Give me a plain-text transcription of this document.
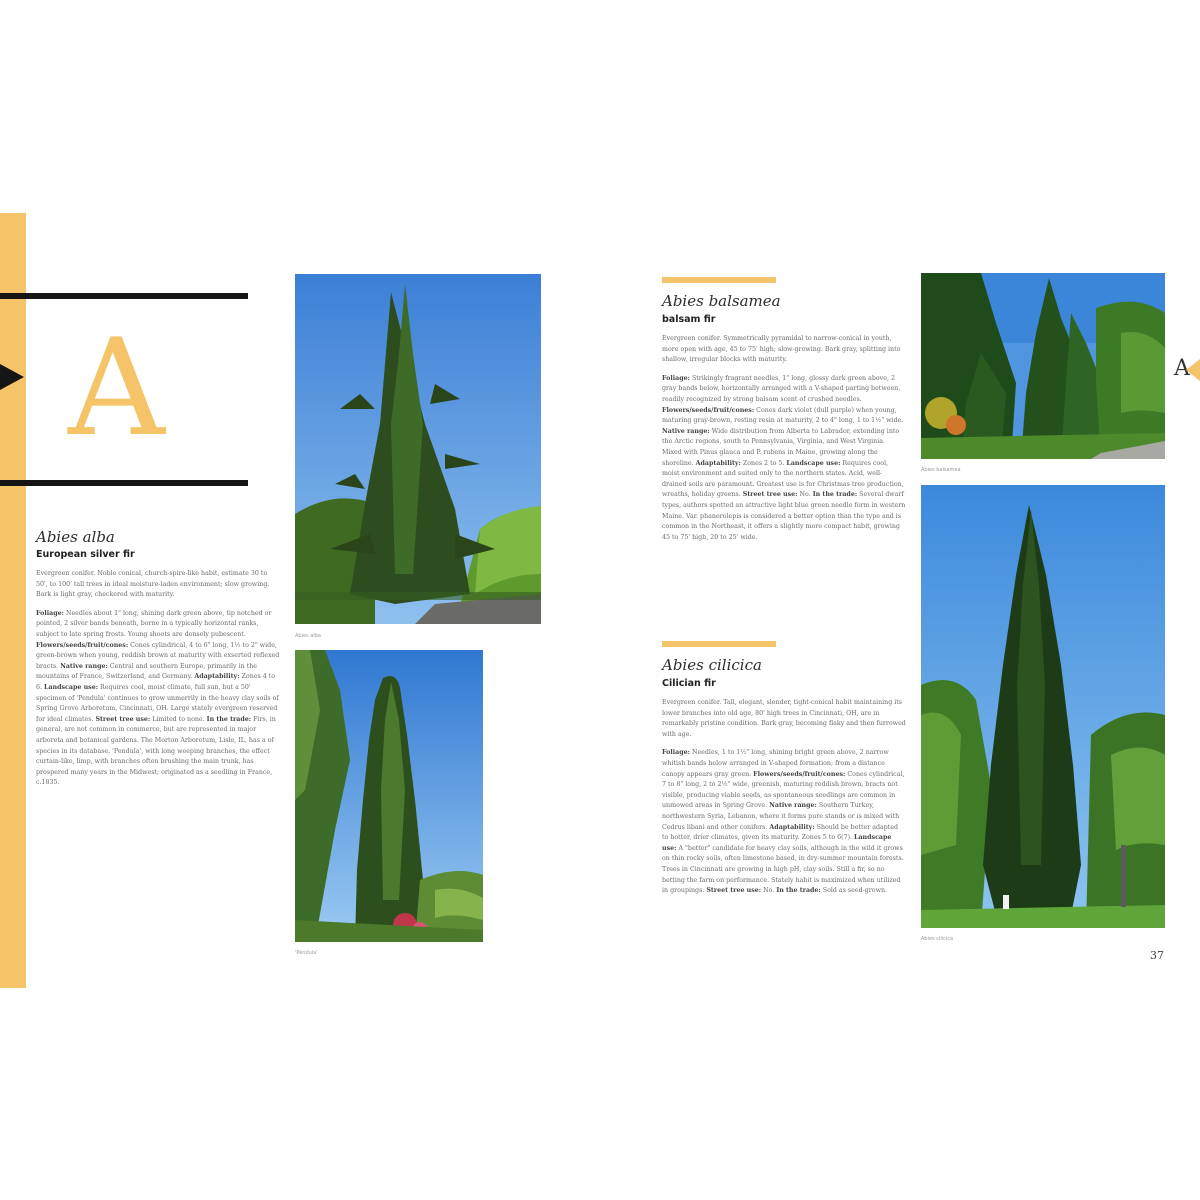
A
Abies alba
European silver fir

Evergreen conifer. Noble conical, church-spire-like habit, estimate 30 to 50', to 100' tall trees in ideal moisture-laden environment; slow growing. Bark is light gray, checkered with maturity.

Foliage: Needles about 1" long, shining dark green above, tip notched or pointed, 2 silver bands beneath, borne in a typically horizontal ranks, subject to late spring frosts. Young shoots are densely pubescent. Flowers/seeds/fruit/cones: Cones cylindrical, 4 to 6" long, 1½ to 2" wide, green-brown when young, reddish brown at maturity with exserted reflexed bracts. Native range: Central and southern Europe, primarily in the mountains of France, Switzerland, and Germany. Adaptability: Zones 4 to 6. Landscape use: Requires cool, moist climate, full sun, but a 50' specimen of 'Pendula' continues to grow unmerrily in the heavy clay soils of Spring Grove Arboretum, Cincinnati, OH. Large stately evergreen reserved for ideal climates. Street tree use: Limited to none. In the trade: Firs, in general, are not common in commerce, but are represented in major arboreta and botanical gardens. The Morton Arboretum, Lisle, IL, has a of species in its database. 'Pendula', with long weeping branches, the effect curtain-like, limp, with branches often brushing the main trunk, has prospered many years in the Midwest; originated as a seedling in France, c.1835.

Abies alba
'Pendula'
Abies balsamea
balsam fir

Evergreen conifer. Symmetrically pyramidal to narrow-conical in youth, more open with age, 45 to 75' high; slow-growing. Bark gray, splitting into shallow, irregular blocks with maturity.

Foliage: Strikingly fragrant needles, 1" long, glossy dark green above, 2 gray bands below, horizontally arranged with a V-shaped parting between, readily recognized by strong balsam scent of crushed needles. Flowers/seeds/fruit/cones: Cones dark violet (dull purple) when young, maturing gray-brown, resting resin at maturity, 2 to 4" long, 1 to 1½" wide. Native range: Wide distribution from Alberta to Labrador, extending into the Arctic regions, south to Pennsylvania, Virginia, and West Virginia. Mixed with Pinus glauca and P. rubens in Maine, growing along the shoreline. Adaptability: Zones 2 to 5. Landscape use: Requires cool, moist environment and suited only to the northern states. Acid, well-drained soils are paramount. Greatest use is for Christmas tree production, wreaths, holiday greens. Street tree use: No. In the trade: Several dwarf types, authors spotted an attractive light blue green needle form in western Maine. Var. phanerolepis is considered a better option than the type and is common in the Northeast, it offers a slightly more compact habit, growing 45 to 75' high, 20 to 25' wide.

Abies cilicica
Cilician fir

Evergreen conifer. Tall, elegant, slender, tight-conical habit maintaining its lower branches into old age, 80' high trees in Cincinnati, OH, are in remarkably pristine condition. Bark gray, becoming flaky and then furrowed with age.

Foliage: Needles, 1 to 1½" long, shining bright green above, 2 narrow whitish bands below arranged in V-shaped formation; from a distance canopy appears gray green. Flowers/seeds/fruit/cones: Cones cylindrical, 7 to 8" long, 2 to 2½" wide, greenish, maturing reddish brown, bracts not visible, producing viable seeds, as spontaneous seedlings are common in unmowed areas in Spring Grove. Native range: Southern Turkey, northwestern Syria, Lebanon, where it forms pure stands or is mixed with Cedrus libani and other conifers. Adaptability: Should be better adapted to hotter, drier climates, given its maturity. Zones 5 to 6(7). Landscape use: A "better" candidate for heavy clay soils, although in the wild it grows on thin rocky soils, often limestone based, in dry-summer mountain forests. Trees in Cincinnati are growing in high pH, clay soils. Still a fir, so no betting the farm on performance. Stately habit is maximized when utilized in groupings. Street tree use: No. In the trade: Sold as seed-grown.

Abies balsamea
Abies cilicica
A
37
